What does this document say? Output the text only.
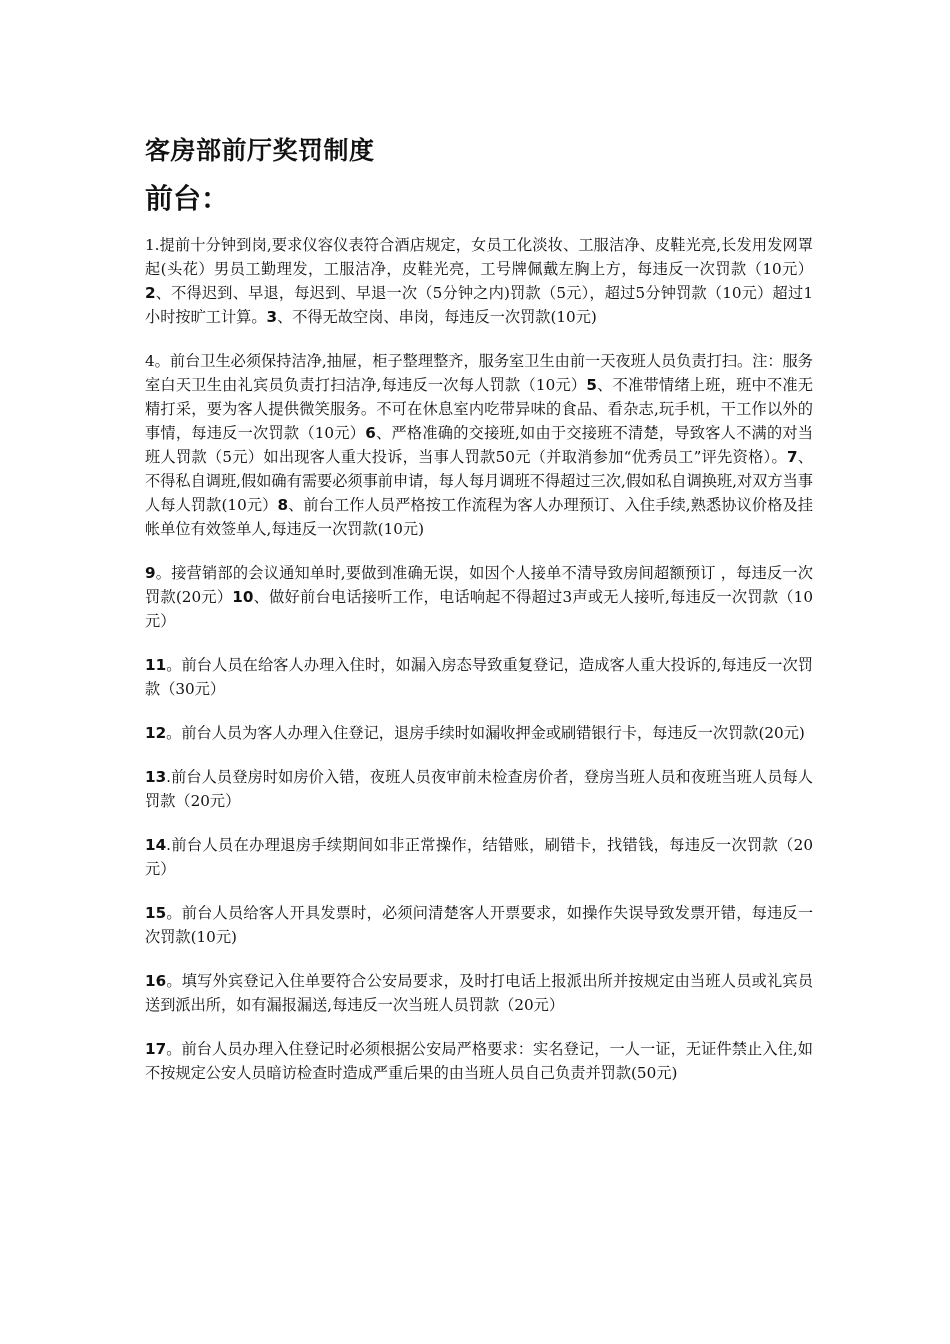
客房部前厅奖罚制度
前台：

1.提前十分钟到岗,要求仪容仪表符合酒店规定，女员工化淡妆、工服洁净、皮鞋光亮,长发用发网罩起(头花）男员工勤理发，工服洁净，皮鞋光亮，工号牌佩戴左胸上方，每违反一次罚款（10元）2、不得迟到、早退，每迟到、早退一次（5分钟之内)罚款（5元），超过5分钟罚款（10元）超过1小时按旷工计算。3、不得无故空岗、串岗，每违反一次罚款(10元)

4。前台卫生必须保持洁净,抽屉，柜子整理整齐，服务室卫生由前一天夜班人员负责打扫。注：服务室白天卫生由礼宾员负责打扫洁净,每违反一次每人罚款（10元）5、不准带情绪上班，班中不准无精打采，要为客人提供微笑服务。不可在休息室内吃带异味的食品、看杂志,玩手机，干工作以外的事情，每违反一次罚款（10元）6、严格准确的交接班,如由于交接班不清楚，导致客人不满的对当班人罚款（5元）如出现客人重大投诉，当事人罚款50元（并取消参加“优秀员工”评先资格）。7、不得私自调班,假如确有需要必须事前申请，每人每月调班不得超过三次,假如私自调换班,对双方当事人每人罚款(10元）8、前台工作人员严格按工作流程为客人办理预订、入住手续,熟悉协议价格及挂帐单位有效签单人,每违反一次罚款(10元)

9。接营销部的会议通知单时,要做到准确无误，如因个人接单不清导致房间超额预订 ，每违反一次罚款(20元）10、做好前台电话接听工作，电话响起不得超过3声或无人接听,每违反一次罚款（10元）

11。前台人员在给客人办理入住时，如漏入房态导致重复登记，造成客人重大投诉的,每违反一次罚款（30元）

12。前台人员为客人办理入住登记，退房手续时如漏收押金或刷错银行卡，每违反一次罚款(20元)

13.前台人员登房时如房价入错，夜班人员夜审前未检查房价者，登房当班人员和夜班当班人员每人罚款（20元）

14.前台人员在办理退房手续期间如非正常操作，结错账，刷错卡，找错钱，每违反一次罚款（20元）

15。前台人员给客人开具发票时，必须问清楚客人开票要求，如操作失误导致发票开错，每违反一次罚款(10元)

16。填写外宾登记入住单要符合公安局要求，及时打电话上报派出所并按规定由当班人员或礼宾员送到派出所，如有漏报漏送,每违反一次当班人员罚款（20元）

17。前台人员办理入住登记时必须根据公安局严格要求：实名登记，一人一证，无证件禁止入住,如不按规定公安人员暗访检查时造成严重后果的由当班人员自己负责并罚款(50元)
